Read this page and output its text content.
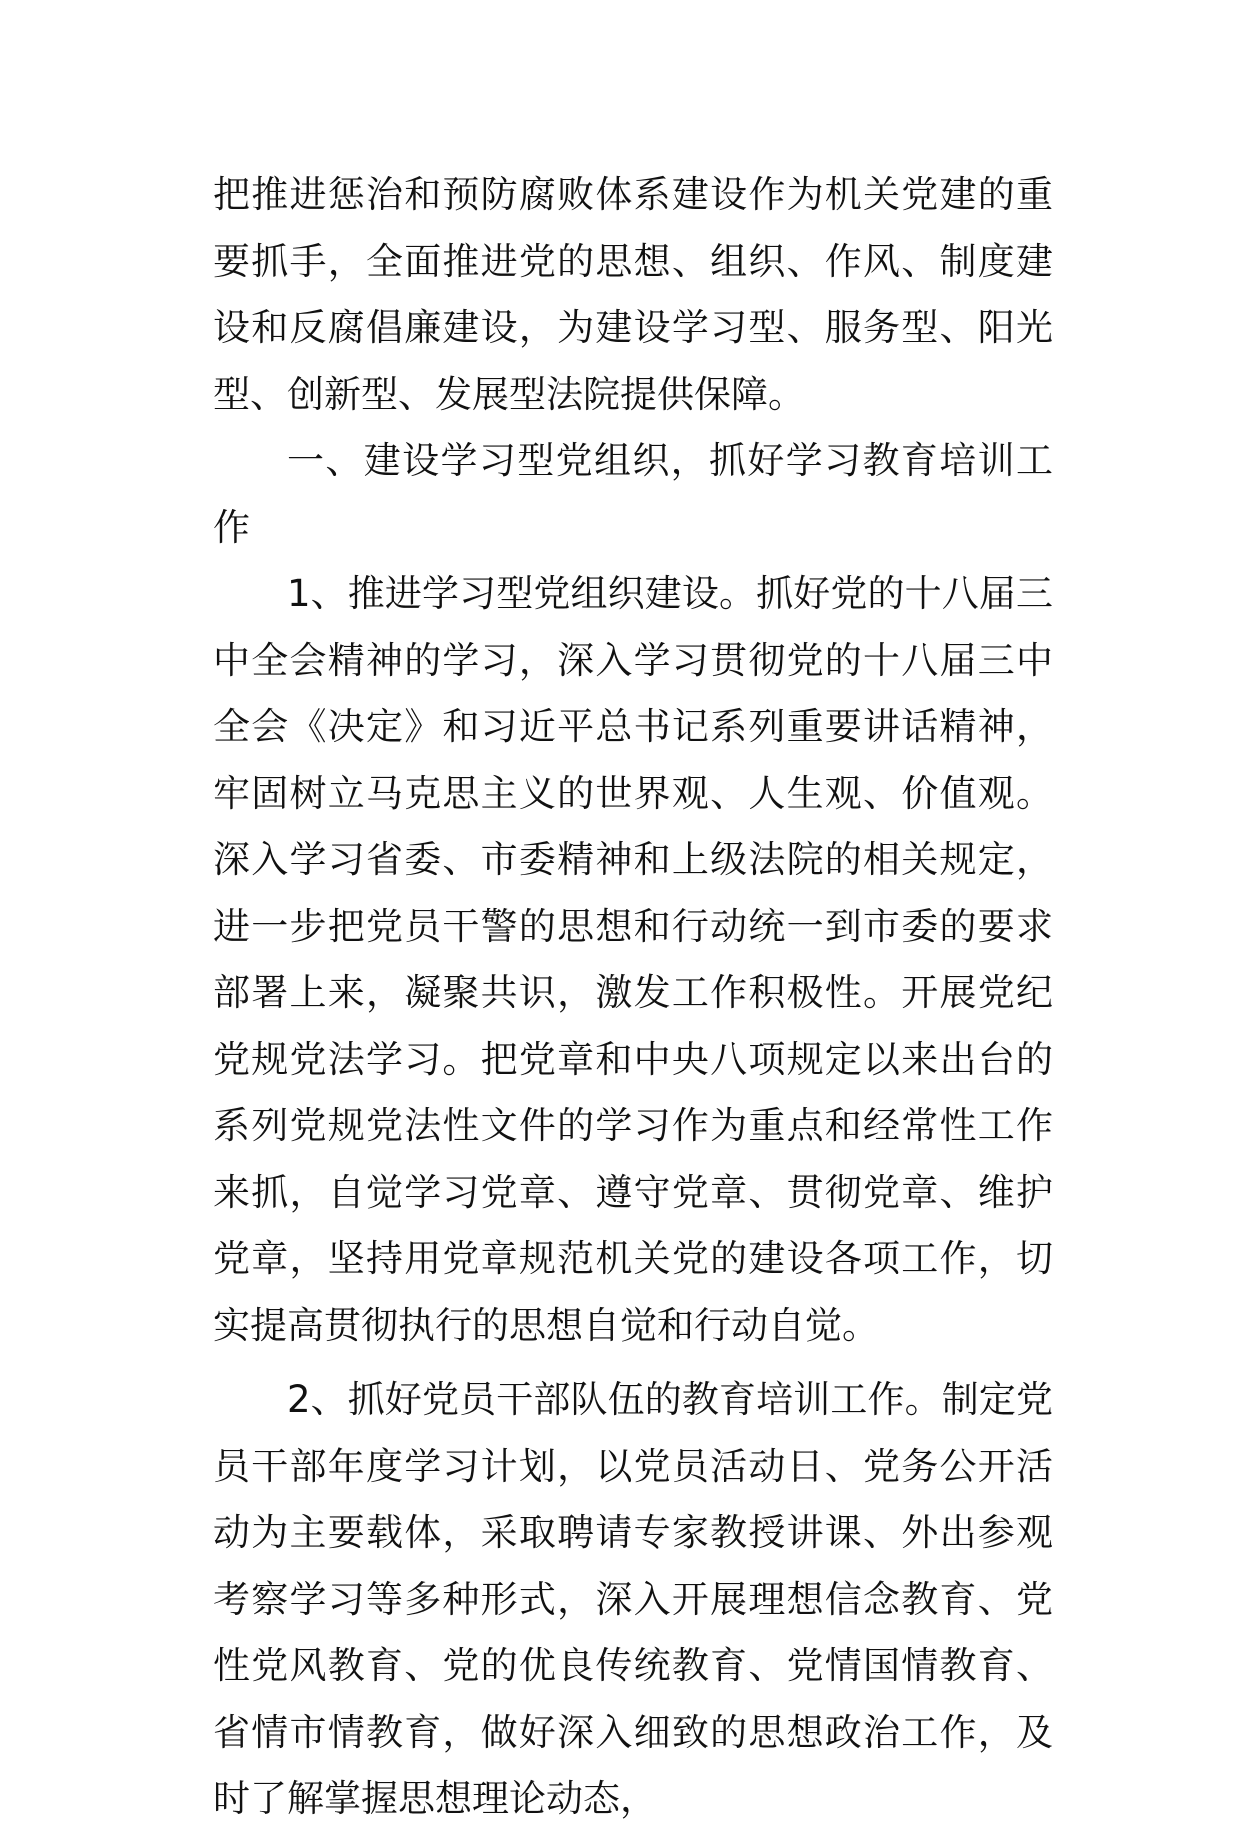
把推进惩治和预防腐败体系建设作为机关党建的重要抓手，全面推进党的思想、组织、作风、制度建设和反腐倡廉建设，为建设学习型、服务型、阳光型、创新型、发展型法院提供保障。

一、建设学习型党组织，抓好学习教育培训工作

1、推进学习型党组织建设。抓好党的十八届三中全会精神的学习，深入学习贯彻党的十八届三中全会《决定》和习近平总书记系列重要讲话精神，牢固树立马克思主义的世界观、人生观、价值观。深入学习省委、市委精神和上级法院的相关规定，进一步把党员干警的思想和行动统一到市委的要求部署上来，凝聚共识，激发工作积极性。开展党纪党规党法学习。把党章和中央八项规定以来出台的系列党规党法性文件的学习作为重点和经常性工作来抓，自觉学习党章、遵守党章、贯彻党章、维护党章，坚持用党章规范机关党的建设各项工作，切实提高贯彻执行的思想自觉和行动自觉。

2、抓好党员干部队伍的教育培训工作。制定党员干部年度学习计划，以党员活动日、党务公开活动为主要载体，采取聘请专家教授讲课、外出参观考察学习等多种形式，深入开展理想信念教育、党性党风教育、党的优良传统教育、党情国情教育、省情市情教育，做好深入细致的思想政治工作，及时了解掌握思想理论动态，
